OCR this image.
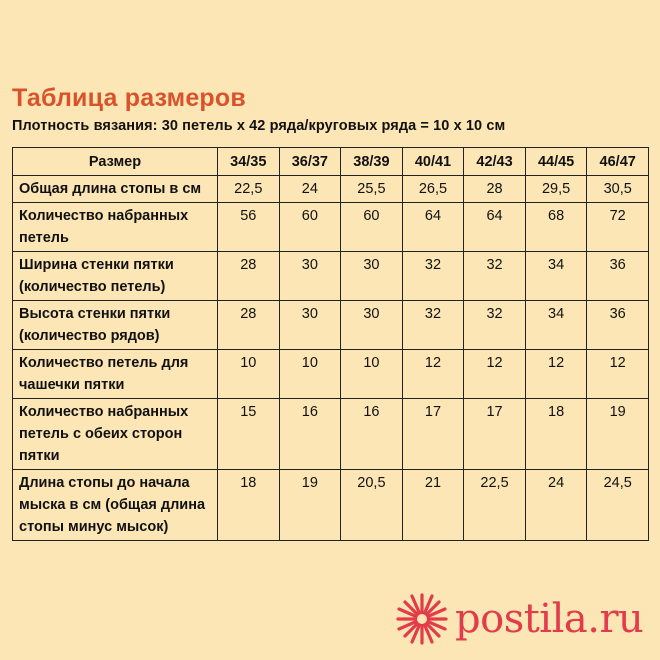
Таблица размеров
Плотность вязания: 30 петель х 42 ряда/круговых ряда = 10 х 10 см
Размер	34/35	36/37	38/39	40/41	42/43	44/45	46/47
Общая длина стопы в см	22,5	24	25,5	26,5	28	29,5	30,5
Количество набранных петель	56	60	60	64	64	68	72
Ширина стенки пятки (количество петель)	28	30	30	32	32	34	36
Высота стенки пятки (количество рядов)	28	30	30	32	32	34	36
Количество петель для чашечки пятки	10	10	10	12	12	12	12
Количество набранных петель с обеих сторон пятки	15	16	16	17	17	18	19
Длина стопы до начала мыска в см (общая длина стопы минус мысок)	18	19	20,5	21	22,5	24	24,5
postila.ru
